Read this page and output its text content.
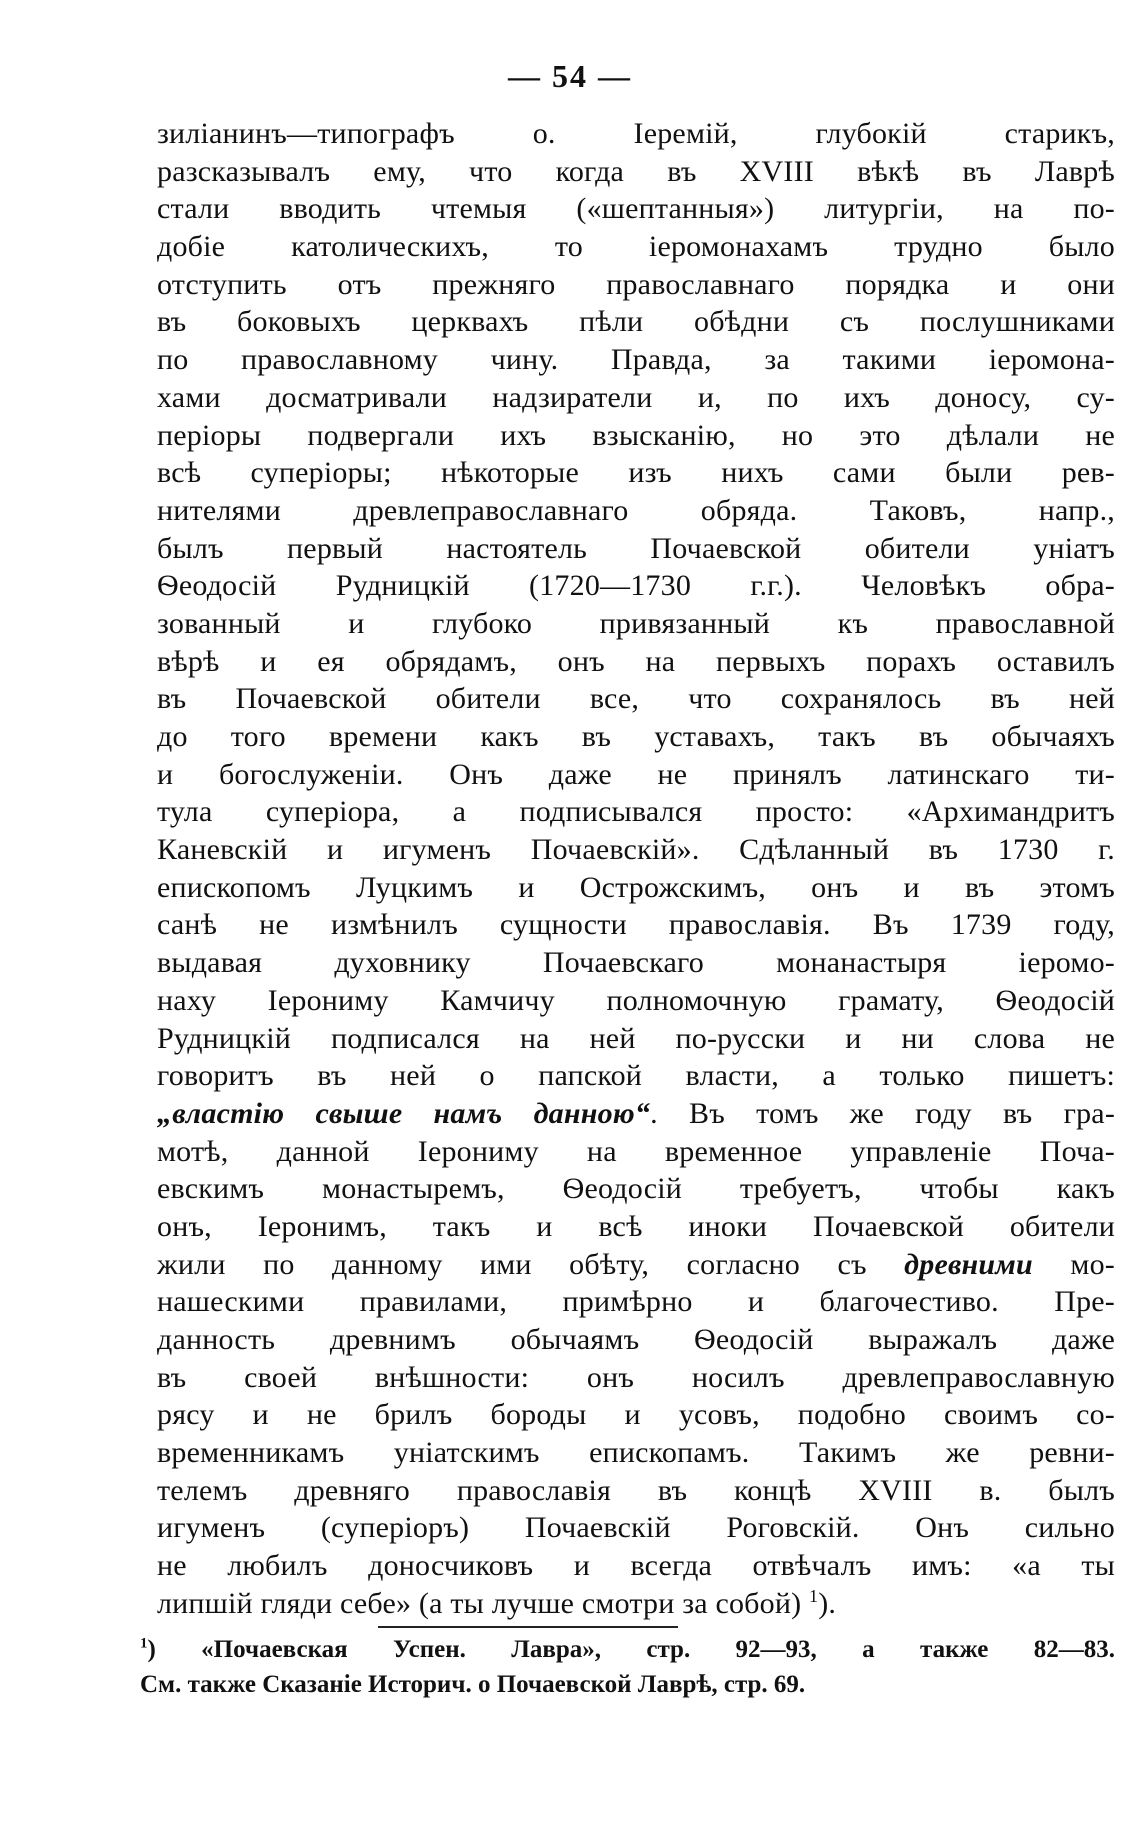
— 54 —
зиліанинъ—типографъ о. Іеремій, глубокій старикъ,
разсказывалъ ему, что когда въ XVIII вѣкѣ въ Лаврѣ
стали вводить чтемыя («шептанныя») литургіи, на по-
добіе католическихъ, то іеромонахамъ трудно было
отступить отъ прежняго православнаго порядка и они
въ боковыхъ церквахъ пѣли обѣдни съ послушниками
по православному чину. Правда, за такими іеромона-
хами досматривали надзиратели и, по ихъ доносу, су-
періоры подвергали ихъ взысканію, но это дѣлали не
всѣ суперіоры; нѣкоторые изъ нихъ сами были рев-
нителями древлеправославнаго обряда. Таковъ, напр.,
былъ первый настоятель Почаевской обители уніатъ
Ѳеодосій Рудницкій (1720—1730 г.г.). Человѣкъ обра-
зованный и глубоко привязанный къ православной
вѣрѣ и ея обрядамъ, онъ на первыхъ порахъ оставилъ
въ Почаевской обители все, что сохранялось въ ней
до того времени какъ въ уставахъ, такъ въ обычаяхъ
и богослуженіи. Онъ даже не принялъ латинскаго ти-
тула суперіора, а подписывался просто: «Архимандритъ
Каневскій и игуменъ Почаевскій». Сдѣланный въ 1730 г.
епископомъ Луцкимъ и Острожскимъ, онъ и въ этомъ
санѣ не измѣнилъ сущности православія. Въ 1739 году,
выдавая духовнику Почаевскаго монанастыря іеромо-
наху Іерониму Камчичу полномочную грамату, Ѳеодосій
Рудницкій подписался на ней по-русски и ни слова не
говоритъ въ ней о папской власти, а только пишетъ:
„властію свыше намъ данною“. Въ томъ же году въ гра-
мотѣ, данной Іерониму на временное управленіе Поча-
евскимъ монастыремъ, Ѳеодосій требуетъ, чтобы какъ
онъ, Іеронимъ, такъ и всѣ иноки Почаевской обители
жили по данному ими обѣту, согласно съ древними мо-
нашескими правилами, примѣрно и благочестиво. Пре-
данность древнимъ обычаямъ Ѳеодосій выражалъ даже
въ своей внѣшности: онъ носилъ древлеправославную
рясу и не брилъ бороды и усовъ, подобно своимъ со-
временникамъ уніатскимъ епископамъ. Такимъ же ревни-
телемъ древняго православія въ концѣ XVIII в. былъ
игуменъ (суперіоръ) Почаевскій Роговскій. Онъ сильно
не любилъ доносчиковъ и всегда отвѣчалъ имъ: «а ты
липшій гляди себе» (а ты лучше смотри за собой) $^1$).
$^1$) «Почаевская Успен. Лавра», стр. 92—93, а также 82—83.
См. также Сказаніе Историч. о Почаевской Лаврѣ, стр. 69.
